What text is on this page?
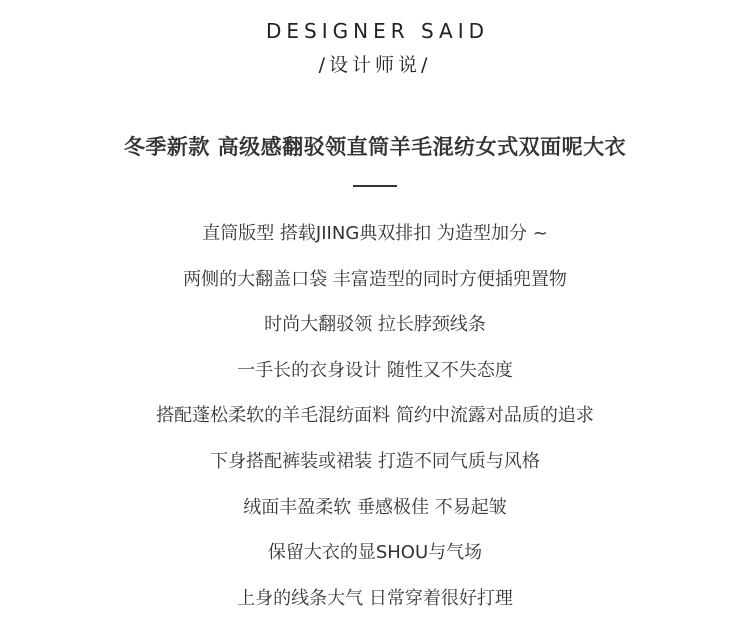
DESIGNER SAID
/设计师说/
冬季新款 高级感翻驳领直筒羊毛混纺女式双面呢大衣
直筒版型 搭载JIING典双排扣 为造型加分 ~
两侧的大翻盖口袋 丰富造型的同时方便插兜置物
时尚大翻驳领 拉长脖颈线条
一手长的衣身设计 随性又不失态度
搭配蓬松柔软的羊毛混纺面料 简约中流露对品质的追求
下身搭配裤装或裙装 打造不同气质与风格
绒面丰盈柔软 垂感极佳 不易起皱
保留大衣的显SHOU与气场
上身的线条大气 日常穿着很好打理
